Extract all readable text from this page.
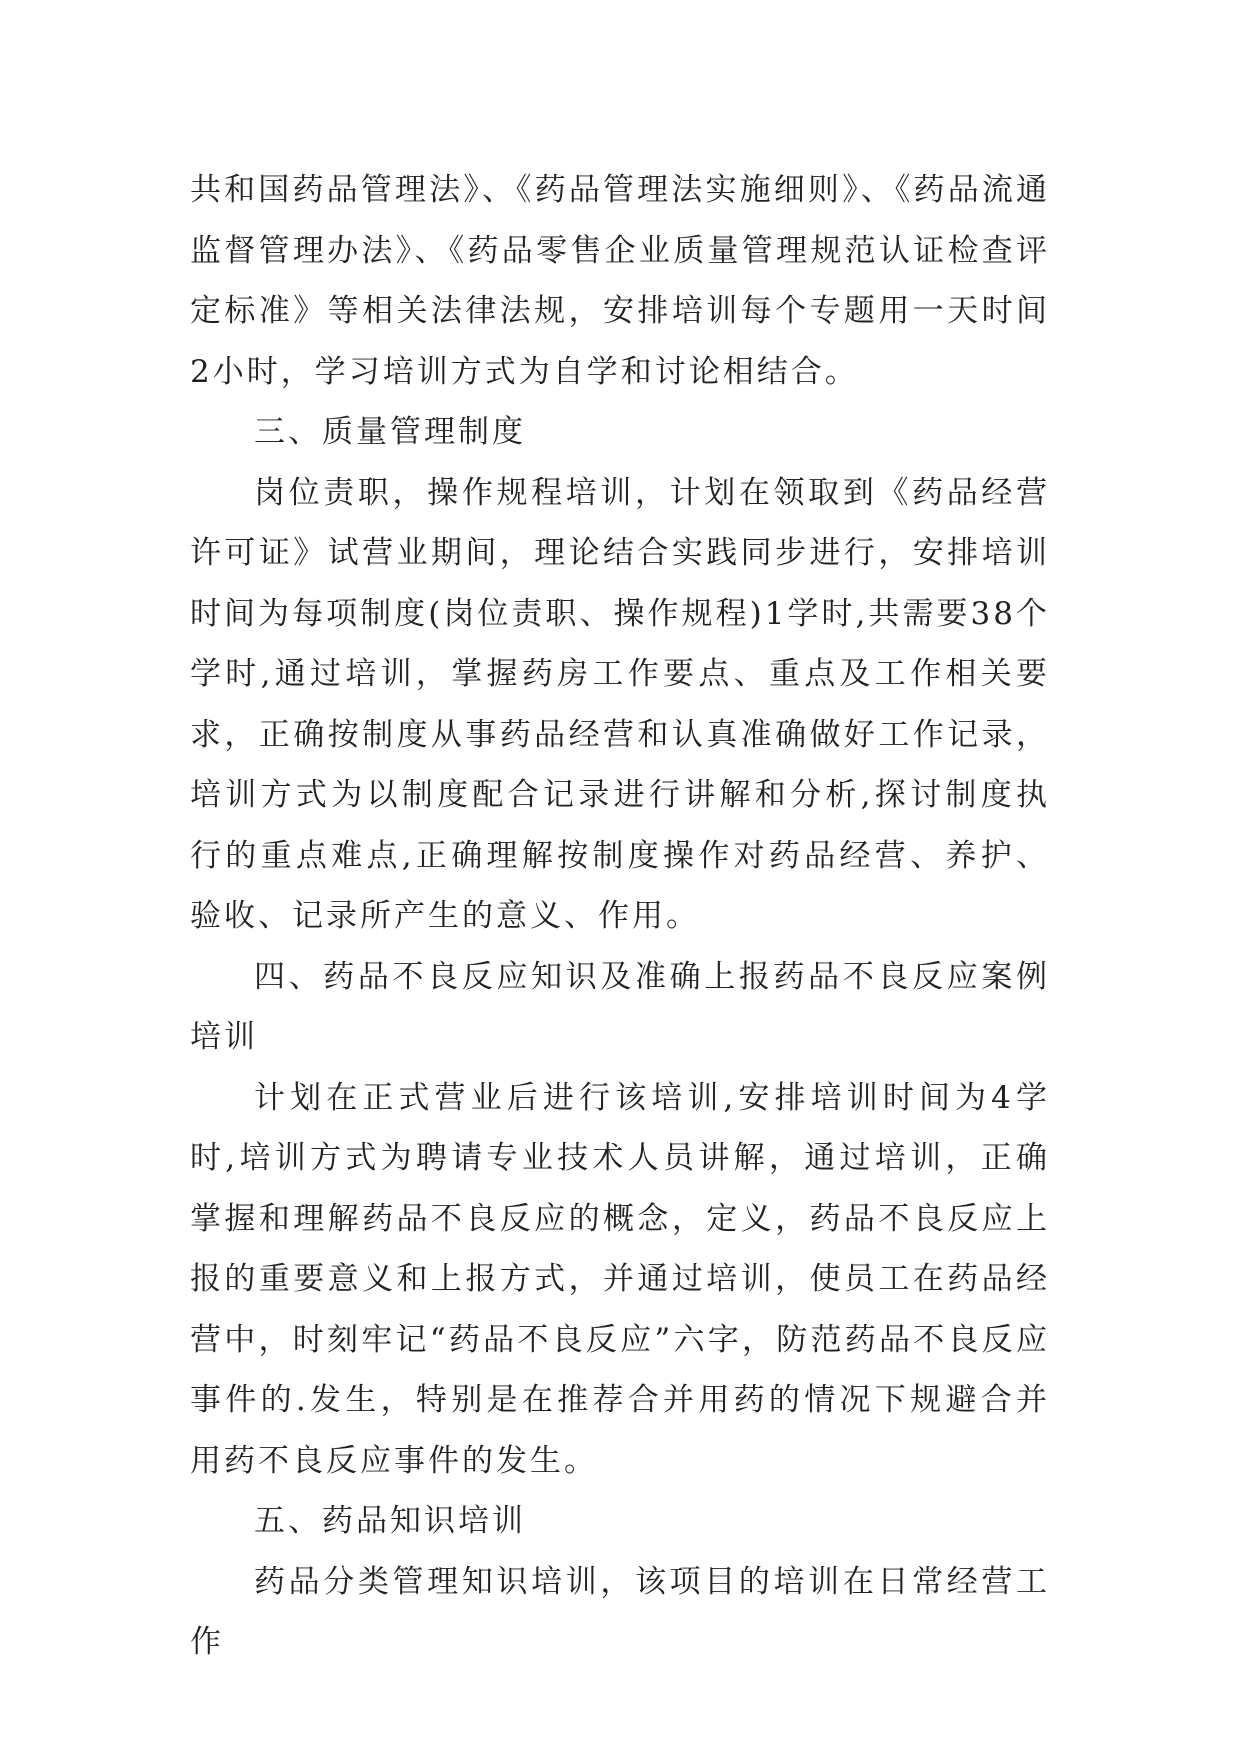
共和国药品管理法》、《药品管理法实施细则》、《药品流通监督管理办法》、《药品零售企业质量管理规范认证检查评定标准》等相关法律法规，安排培训每个专题用一天时间2小时，学习培训方式为自学和讨论相结合。

三、质量管理制度

岗位责职，操作规程培训，计划在领取到《药品经营许可证》试营业期间，理论结合实践同步进行，安排培训时间为每项制度(岗位责职、操作规程)1学时,共需要38个学时,通过培训，掌握药房工作要点、重点及工作相关要求，正确按制度从事药品经营和认真准确做好工作记录，培训方式为以制度配合记录进行讲解和分析,探讨制度执行的重点难点,正确理解按制度操作对药品经营、养护、验收、记录所产生的意义、作用。

四、药品不良反应知识及准确上报药品不良反应案例培训

计划在正式营业后进行该培训,安排培训时间为4学时,培训方式为聘请专业技术人员讲解，通过培训，正确掌握和理解药品不良反应的概念，定义，药品不良反应上报的重要意义和上报方式，并通过培训，使员工在药品经营中，时刻牢记“药品不良反应”六字，防范药品不良反应事件的.发生，特别是在推荐合并用药的情况下规避合并用药不良反应事件的发生。

五、药品知识培训

药品分类管理知识培训，该项目的培训在日常经营工作
